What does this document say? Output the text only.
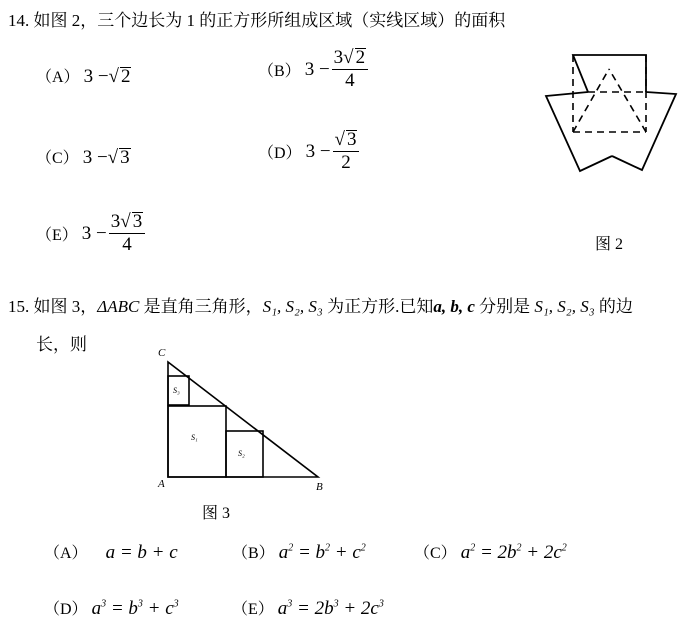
14. 如图 2，三个边长为 1 的正方形所组成区域（实线区域）的面积
（A） 3 −√ 2	（B） $3 - \frac{3√ 2}{4}$
（C） 3 −√ 3	（D） $3 - \frac{√ 3}{2}$
（E） $3 - \frac{3√ 3}{4}$	图 2
15. 如图 3，ΔABC 是直角三角形，S₁, S₂, S₃ 为正方形.已知a, b, c 分别是 S₁, S₂, S₃ 的边
长，则
S₃
S₁
S₂
C
A	B
图 3
（A） a = b + c	（B） $a^2 = b^2 + c^2$	（C） $a^2 = 2b^2 + 2c^2$
（D） $a^3 = b^3 + c^3$	（E） $a^3 = 2b^3 + 2c^3$
